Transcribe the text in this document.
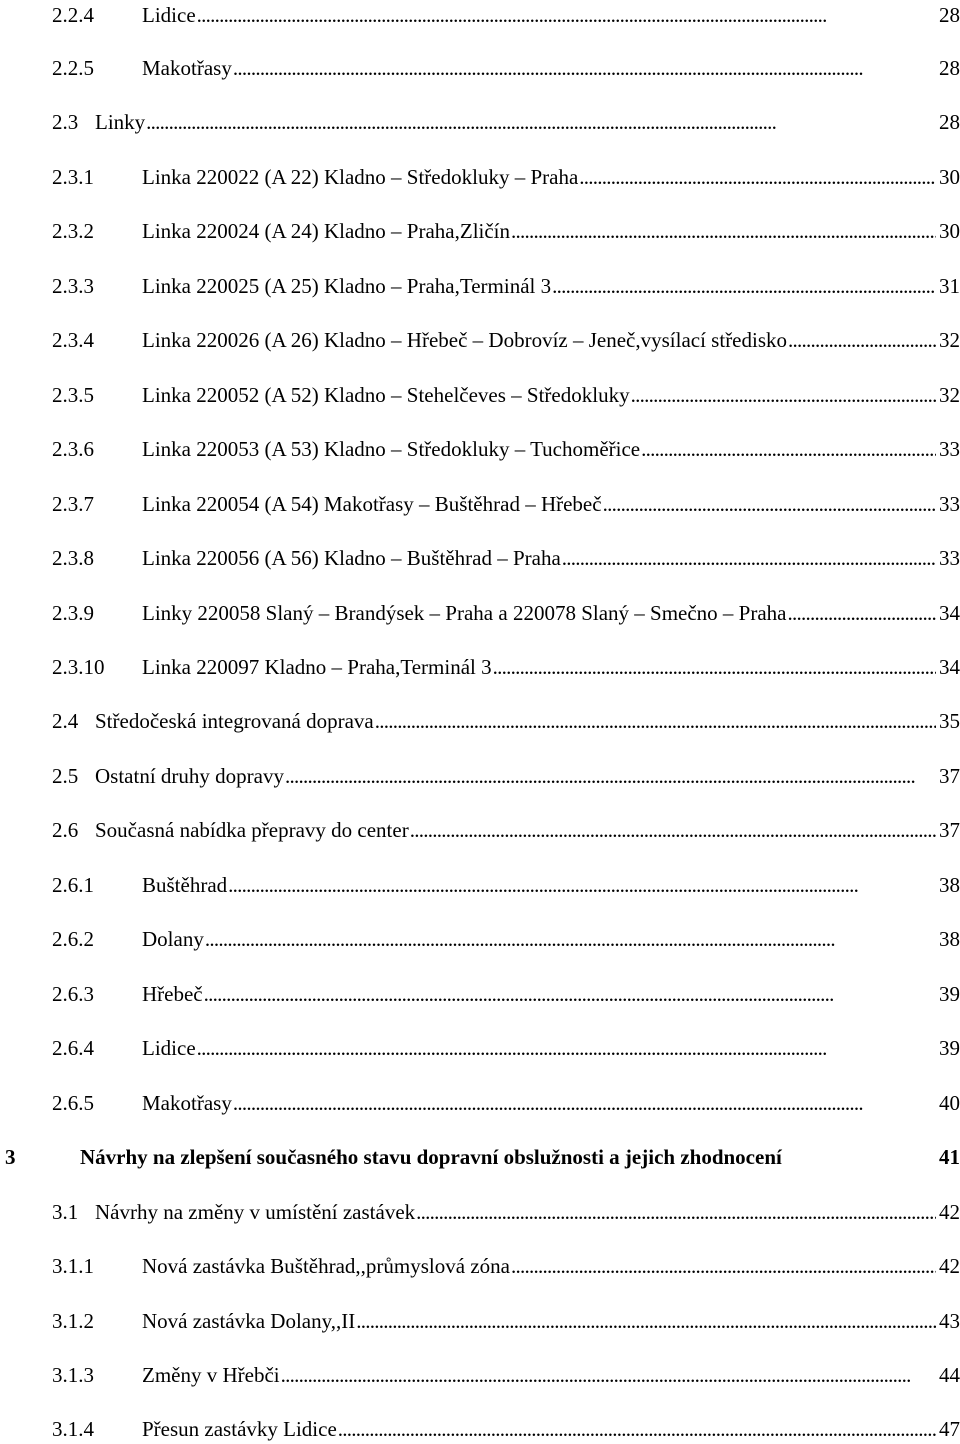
2.2.4	Lidice . . .	28
2.2.5	Makotřasy . . .	28
2.3 Linky . . .	28
2.3.1	Linka 220022 (A 22) Kladno – Středokluky – Praha . . .	30
2.3.2	Linka 220024 (A 24) Kladno – Praha,Zličín . . .	30
2.3.3	Linka 220025 (A 25) Kladno – Praha,Terminál 3 . . .	31
2.3.4	Linka 220026 (A 26) Kladno – Hřebeč – Dobrovíz – Jeneč,vysílací středisko . . .	32
2.3.5	Linka 220052 (A 52) Kladno – Stehelčeves – Středokluky . . .	32
2.3.6	Linka 220053 (A 53) Kladno – Středokluky – Tuchoměřice . . .	33
2.3.7	Linka 220054 (A 54) Makotřasy – Buštěhrad – Hřebeč . . .	33
2.3.8	Linka 220056 (A 56) Kladno – Buštěhrad – Praha . . .	33
2.3.9	Linky 220058 Slaný – Brandýsek – Praha a 220078 Slaný – Smečno – Praha . . .	34
2.3.10	Linka 220097 Kladno – Praha,Terminál 3 . . .	34
2.4 Středočeská integrovaná doprava . . .	35
2.5 Ostatní druhy dopravy . . .	37
2.6 Současná nabídka přepravy do center . . .	37
2.6.1	Buštěhrad . . .	38
2.6.2	Dolany . . .	38
2.6.3	Hřebeč . . .	39
2.6.4	Lidice . . .	39
2.6.5	Makotřasy . . .	40
3	Návrhy na zlepšení současného stavu dopravní obslužnosti a jejich zhodnocení	41
3.1 Návrhy na změny v umístění zastávek . . .	42
3.1.1	Nová zastávka Buštěhrad,,průmyslová zóna . . .	42
3.1.2	Nová zastávka Dolany,,II . . .	43
3.1.3	Změny v Hřebči . . .	44
3.1.4	Přesun zastávky Lidice . . .	47
